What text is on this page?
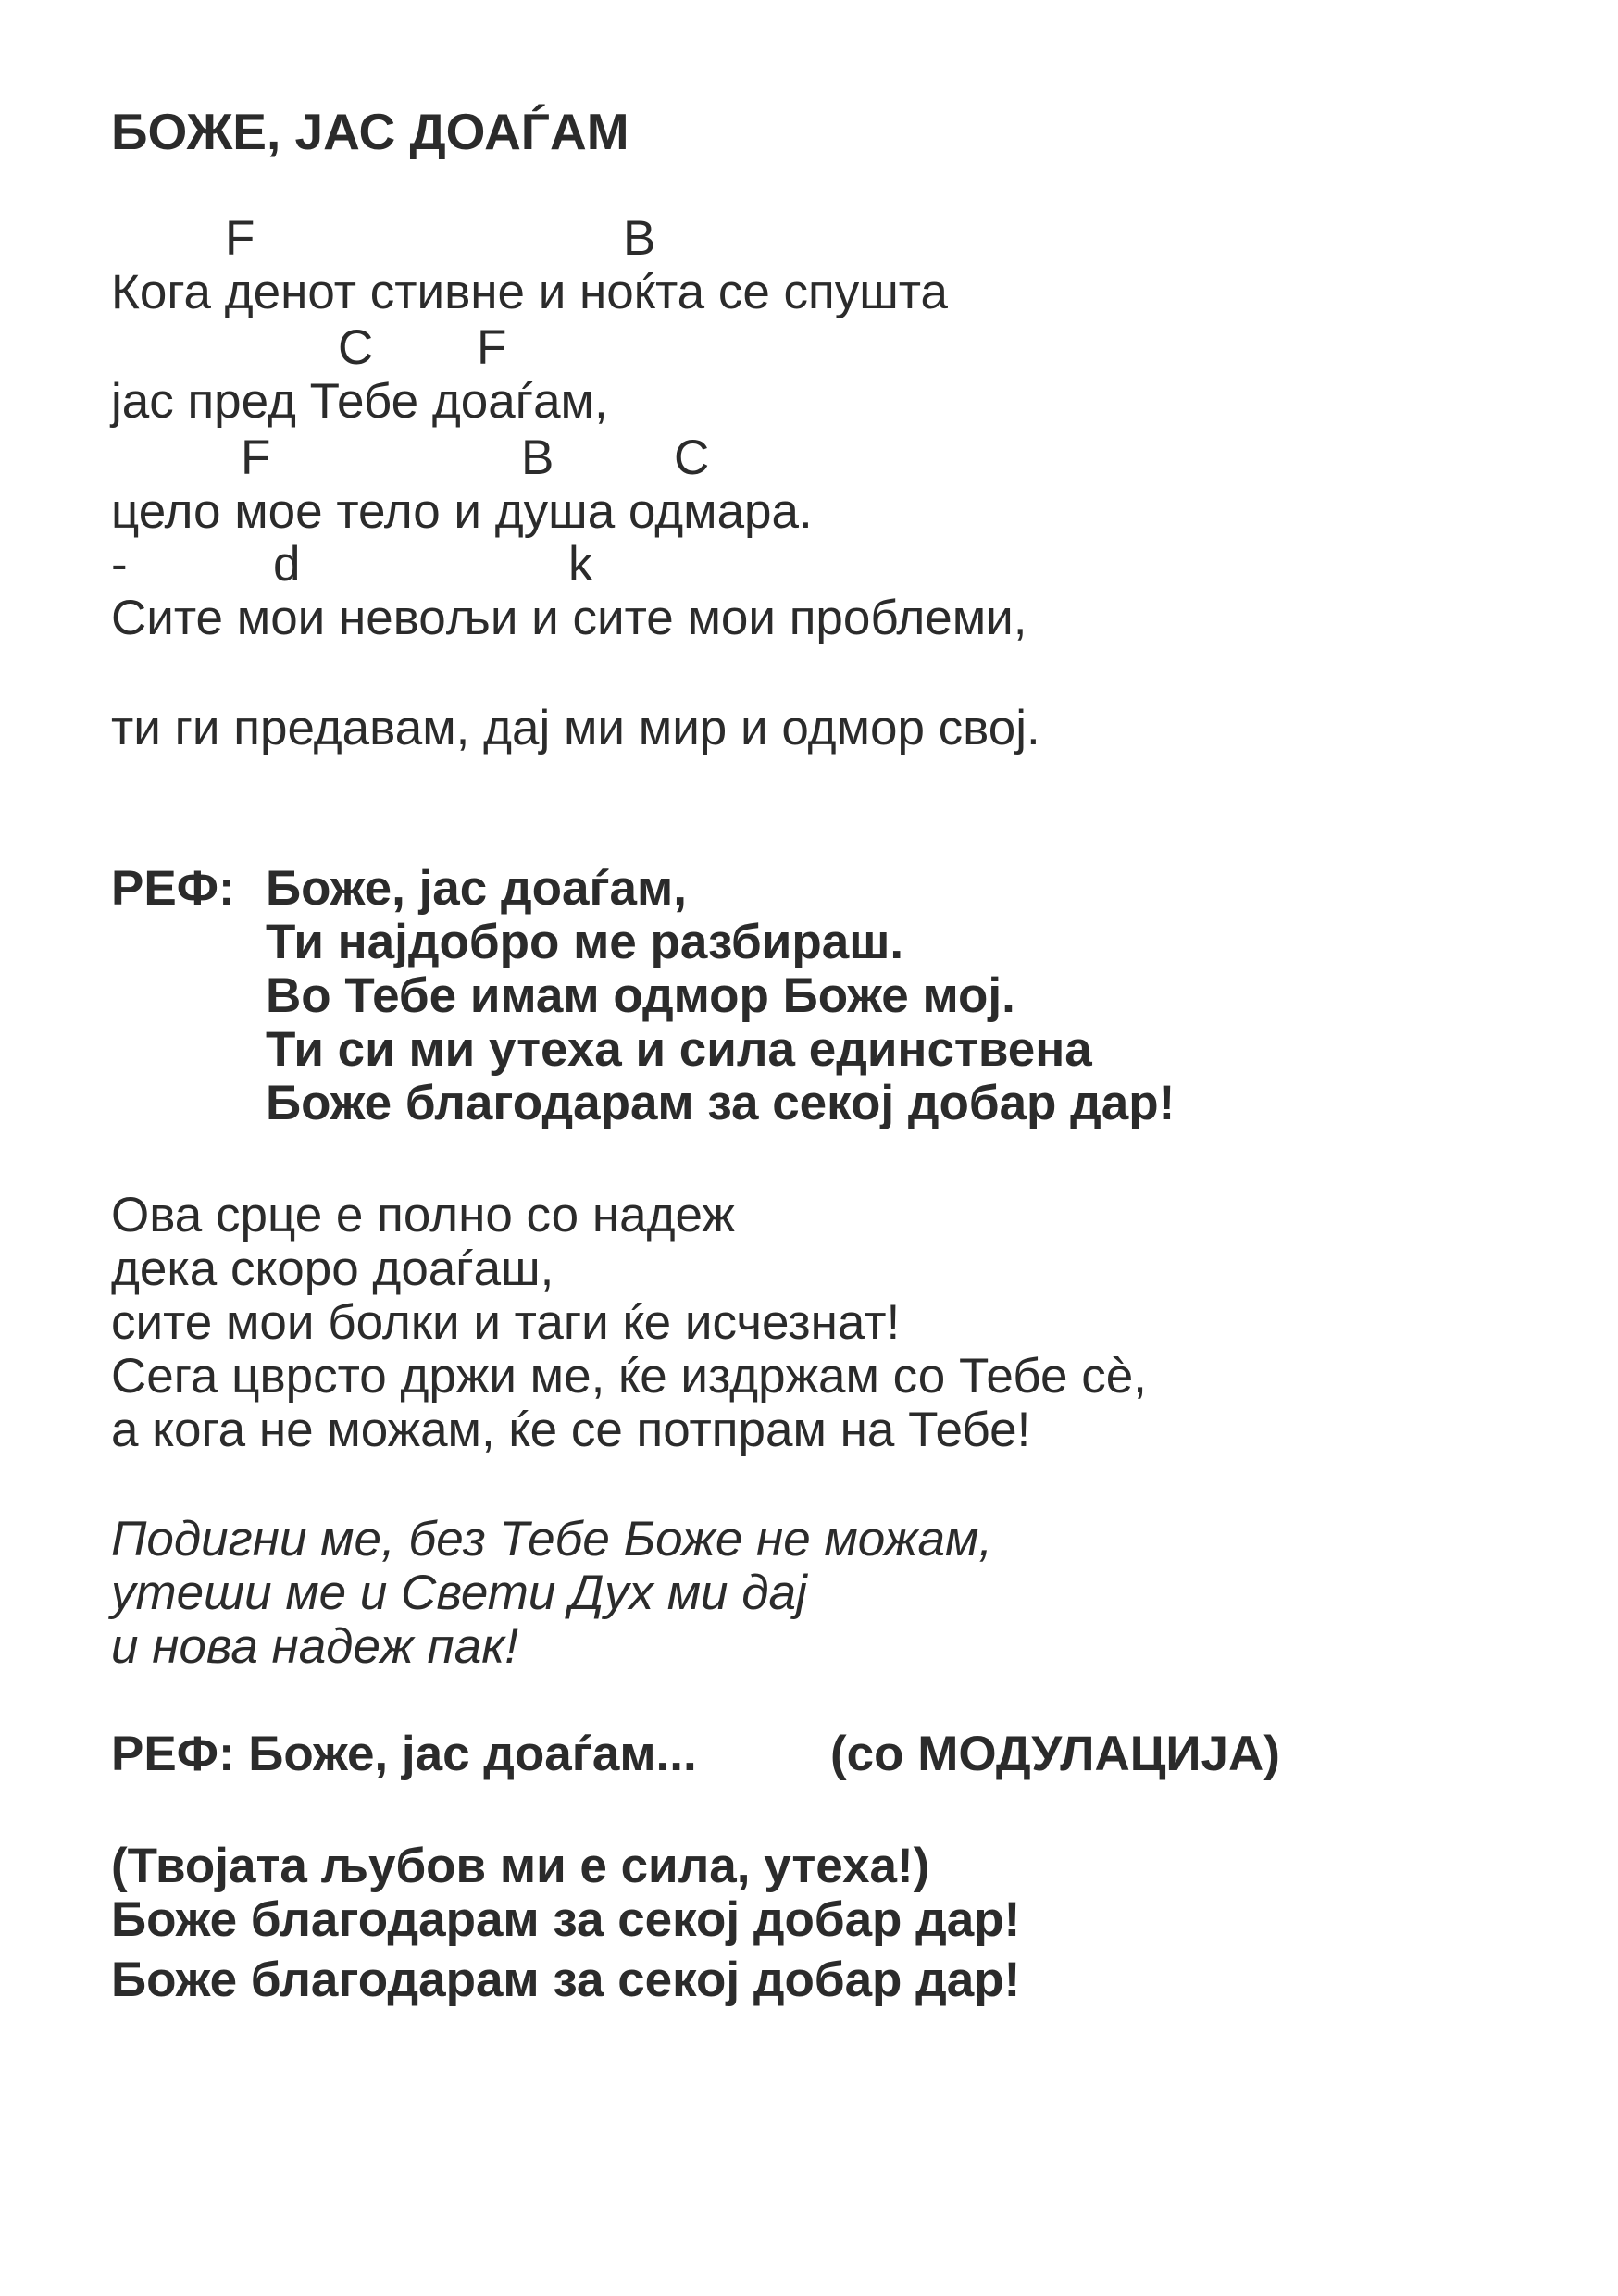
БОЖЕ, ЈАС ДОАЃАМ
F	B
Кога денот стивне и ноќта се спушта
C F
јас пред Тебе доаѓам,
F	B C
цело мое тело и душа одмара.
-	d	k
Сите мои невољи и сите мои проблеми,
ти ги предавам, дај ми мир и одмор свој.
РЕФ: Боже, јас доаѓам,
Ти најдобро ме разбираш.
Во Тебе имам одмор Боже мој.
Ти си ми утеха и сила единствена
Боже благодарам за секој добар дар!
Ова срце е полно со надеж
дека скоро доаѓаш,
сите мои болки и таги ќе исчезнат!
Сега цврсто држи ме, ќе издржам со Тебе сѐ,
а кога не можам, ќе се потпрам на Тебе!
Подигни ме, без Тебе Боже не можам,
утеши ме и Свети Дух ми дај
и нова надеж пак!
РЕФ: Боже, јас доаѓам...	(со МОДУЛАЦИЈА)
(Твојата љубов ми е сила, утеха!)
Боже благодарам за секој добар дар!
Боже благодарам за секој добар дар!
